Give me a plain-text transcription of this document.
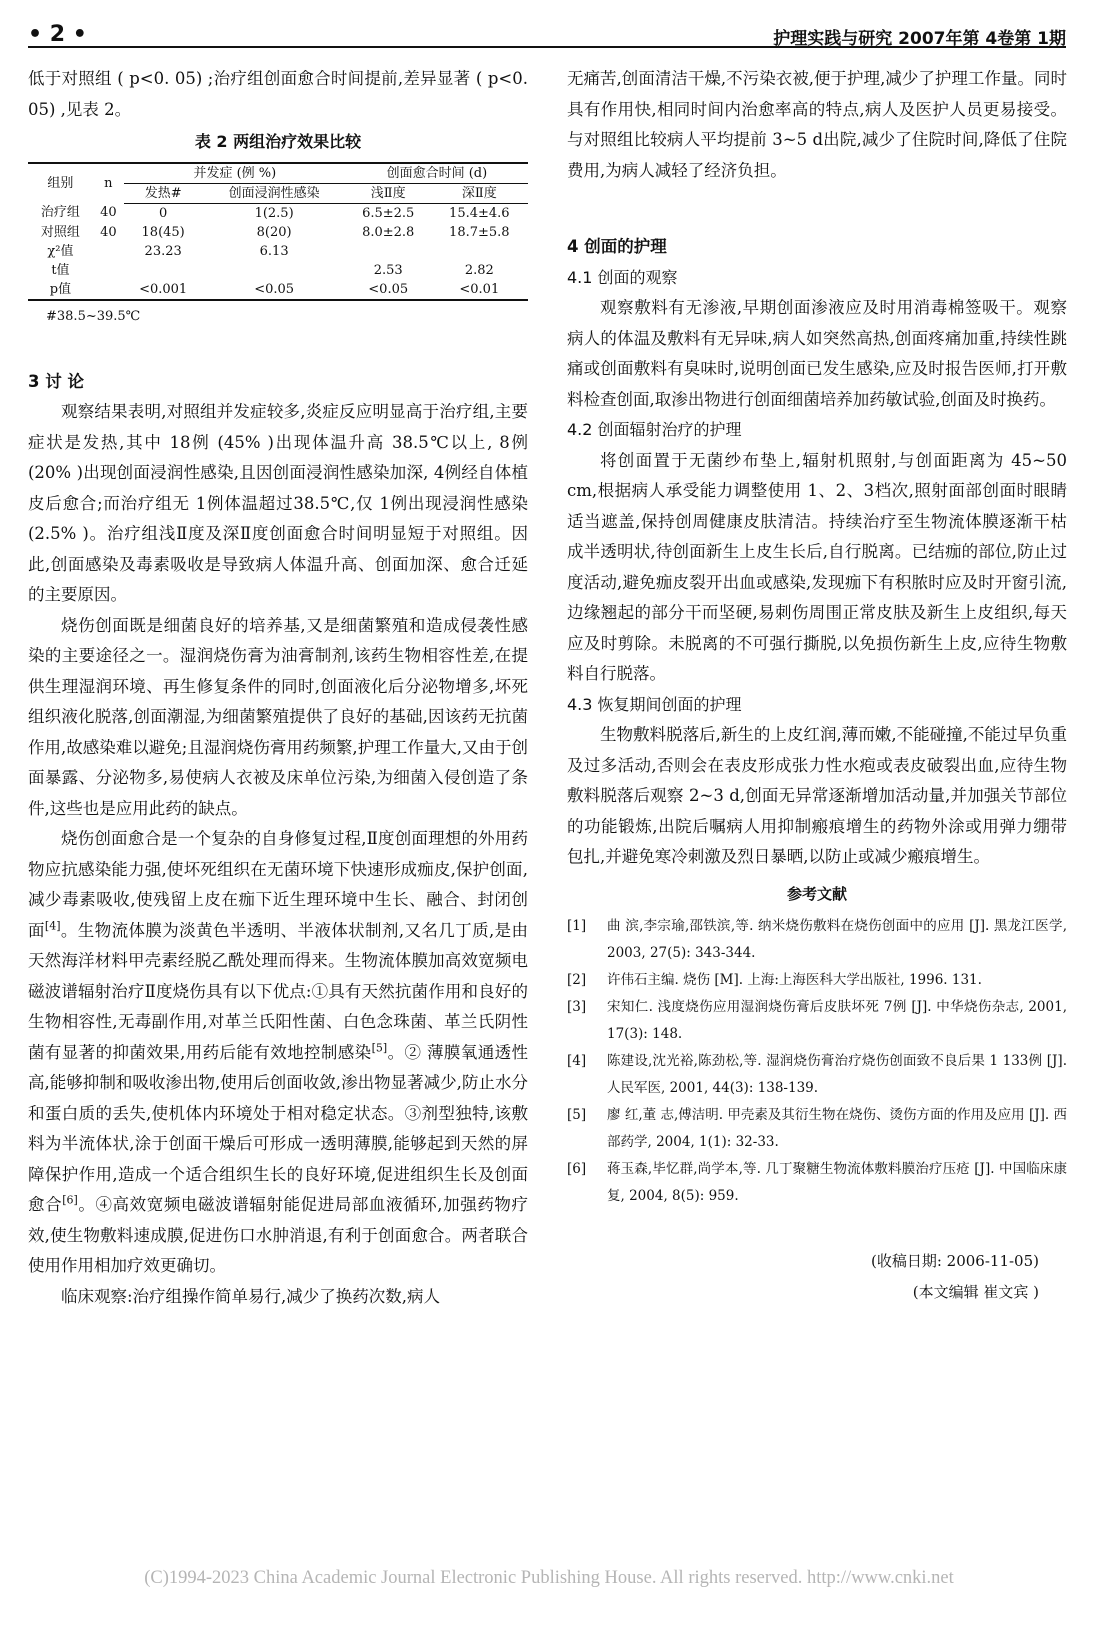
• 2 •	护理实践与研究 2007年第 4卷第 1期

低于对照组 ( p<0. 05) ;治疗组创面愈合时间提前,差异显著 ( p<0. 05) ,见表 2。

表 2 两组治疗效果比较
组别	n	并发症 (例 %)		创面愈合时间 (d)	
		发热#	创面浸润性感染	浅Ⅱ度	深Ⅱ度
治疗组	40	0	1(2.5)	6.5±2.5	15.4±4.6
对照组	40	18(45)	8(20)	8.0±2.8	18.7±5.8
χ²值		23.23	6.13		
t值				2.53	2.82
p值		<0.001	<0.05	<0.05	<0.01
#38.5~39.5℃
3 讨 论

观察结果表明,对照组并发症较多,炎症反应明显高于治疗组,主要症状是发热,其中 18例 (45% )出现体温升高 38.5℃以上, 8例 (20% )出现创面浸润性感染,且因创面浸润性感染加深, 4例经自体植皮后愈合;而治疗组无 1例体温超过38.5℃,仅 1例出现浸润性感染 (2.5% )。治疗组浅Ⅱ度及深Ⅱ度创面愈合时间明显短于对照组。因此,创面感染及毒素吸收是导致病人体温升高、创面加深、愈合迁延的主要原因。

烧伤创面既是细菌良好的培养基,又是细菌繁殖和造成侵袭性感染的主要途径之一。湿润烧伤膏为油膏制剂,该药生物相容性差,在提供生理湿润环境、再生修复条件的同时,创面液化后分泌物增多,坏死组织液化脱落,创面潮湿,为细菌繁殖提供了良好的基础,因该药无抗菌作用,故感染难以避免;且湿润烧伤膏用药频繁,护理工作量大,又由于创面暴露、分泌物多,易使病人衣被及床单位污染,为细菌入侵创造了条件,这些也是应用此药的缺点。

烧伤创面愈合是一个复杂的自身修复过程,Ⅱ度创面理想的外用药物应抗感染能力强,使坏死组织在无菌环境下快速形成痂皮,保护创面,减少毒素吸收,使残留上皮在痂下近生理环境中生长、融合、封闭创面[4]。生物流体膜为淡黄色半透明、半液体状制剂,又名几丁质,是由天然海洋材料甲壳素经脱乙酰处理而得来。生物流体膜加高效宽频电磁波谱辐射治疗Ⅱ度烧伤具有以下优点:①具有天然抗菌作用和良好的生物相容性,无毒副作用,对革兰氏阳性菌、白色念珠菌、革兰氏阴性菌有显著的抑菌效果,用药后能有效地控制感染[5]。② 薄膜氧通透性高,能够抑制和吸收渗出物,使用后创面收敛,渗出物显著减少,防止水分和蛋白质的丢失,使机体内环境处于相对稳定状态。③剂型独特,该敷料为半流体状,涂于创面干燥后可形成一透明薄膜,能够起到天然的屏障保护作用,造成一个适合组织生长的良好环境,促进组织生长及创面愈合[6]。④高效宽频电磁波谱辐射能促进局部血液循环,加强药物疗效,使生物敷料速成膜,促进伤口水肿消退,有利于创面愈合。两者联合使用作用相加疗效更确切。

临床观察:治疗组操作简单易行,减少了换药次数,病人

无痛苦,创面清洁干燥,不污染衣被,便于护理,减少了护理工作量。同时具有作用快,相同时间内治愈率高的特点,病人及医护人员更易接受。与对照组比较病人平均提前 3~5 d出院,减少了住院时间,降低了住院费用,为病人减轻了经济负担。

4 创面的护理
4.1 创面的观察

观察敷料有无渗液,早期创面渗液应及时用消毒棉签吸干。观察病人的体温及敷料有无异味,病人如突然高热,创面疼痛加重,持续性跳痛或创面敷料有臭味时,说明创面已发生感染,应及时报告医师,打开敷料检查创面,取渗出物进行创面细菌培养加药敏试验,创面及时换药。

4.2 创面辐射治疗的护理

将创面置于无菌纱布垫上,辐射机照射,与创面距离为 45~50 cm,根据病人承受能力调整使用 1、2、3档次,照射面部创面时眼睛适当遮盖,保持创周健康皮肤清洁。持续治疗至生物流体膜逐渐干枯成半透明状,待创面新生上皮生长后,自行脱离。已结痂的部位,防止过度活动,避免痂皮裂开出血或感染,发现痂下有积脓时应及时开窗引流,边缘翘起的部分干而坚硬,易刺伤周围正常皮肤及新生上皮组织,每天应及时剪除。未脱离的不可强行撕脱,以免损伤新生上皮,应待生物敷料自行脱落。

4.3 恢复期间创面的护理

生物敷料脱落后,新生的上皮红润,薄而嫩,不能碰撞,不能过早负重及过多活动,否则会在表皮形成张力性水疱或表皮破裂出血,应待生物敷料脱落后观察 2~3 d,创面无异常逐渐增加活动量,并加强关节部位的功能锻炼,出院后嘱病人用抑制瘢痕增生的药物外涂或用弹力绷带包扎,并避免寒冷刺激及烈日暴晒,以防止或减少瘢痕增生。

参考文献
[1]	曲 滨,李宗瑜,邵铁滨,等. 纳米烧伤敷料在烧伤创面中的应用 [J]. 黑龙江医学, 2003, 27(5): 343-344.
[2]	许伟石主编. 烧伤 [M]. 上海:上海医科大学出版社, 1996. 131.
[3]	宋知仁. 浅度烧伤应用湿润烧伤膏后皮肤坏死 7例 [J]. 中华烧伤杂志, 2001, 17(3): 148.
[4]	陈建设,沈光裕,陈劲松,等. 湿润烧伤膏治疗烧伤创面致不良后果 1 133例 [J]. 人民军医, 2001, 44(3): 138-139.
[5]	廖 红,董 志,傅洁明. 甲壳素及其衍生物在烧伤、烫伤方面的作用及应用 [J]. 西部药学, 2004, 1(1): 32-33.
[6]	蒋玉森,毕忆群,尚学本,等. 几丁聚糖生物流体敷料膜治疗压疮 [J]. 中国临床康复, 2004, 8(5): 959.
(收稿日期: 2006-11-05)
(本文编辑 崔文宾 )
(C)1994-2023 China Academic Journal Electronic Publishing House. All rights reserved. http://www.cnki.net
